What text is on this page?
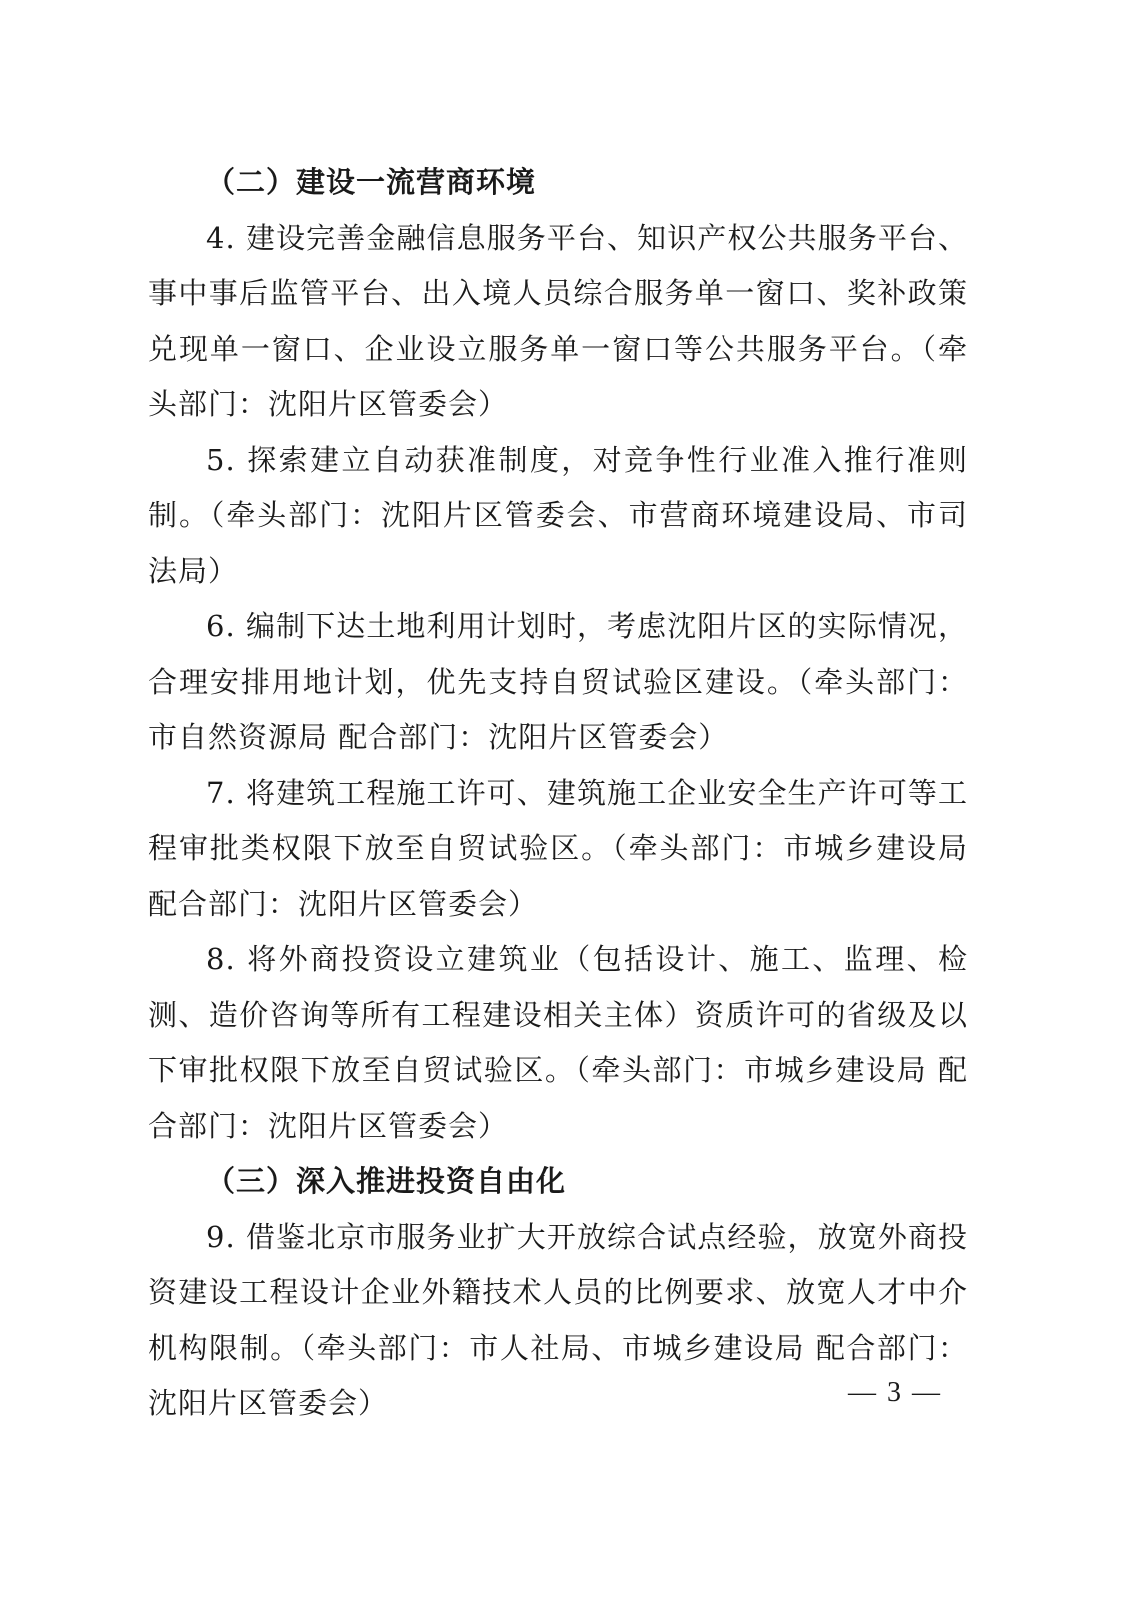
（二）建设一流营商环境

4. 建设完善金融信息服务平台、知识产权公共服务平台、事中事后监管平台、出入境人员综合服务单一窗口、奖补政策兑现单一窗口、企业设立服务单一窗口等公共服务平台。（牵头部门：沈阳片区管委会）

5. 探索建立自动获准制度，对竞争性行业准入推行准则制。（牵头部门：沈阳片区管委会、市营商环境建设局、市司法局）

6. 编制下达土地利用计划时，考虑沈阳片区的实际情况，合理安排用地计划，优先支持自贸试验区建设。（牵头部门：市自然资源局 配合部门：沈阳片区管委会）

7. 将建筑工程施工许可、建筑施工企业安全生产许可等工程审批类权限下放至自贸试验区。（牵头部门：市城乡建设局 配合部门：沈阳片区管委会）

8. 将外商投资设立建筑业（包括设计、施工、监理、检测、造价咨询等所有工程建设相关主体）资质许可的省级及以下审批权限下放至自贸试验区。（牵头部门：市城乡建设局 配合部门：沈阳片区管委会）

（三）深入推进投资自由化

9. 借鉴北京市服务业扩大开放综合试点经验，放宽外商投资建设工程设计企业外籍技术人员的比例要求、放宽人才中介机构限制。（牵头部门：市人社局、市城乡建设局 配合部门：沈阳片区管委会）	— 3 —
